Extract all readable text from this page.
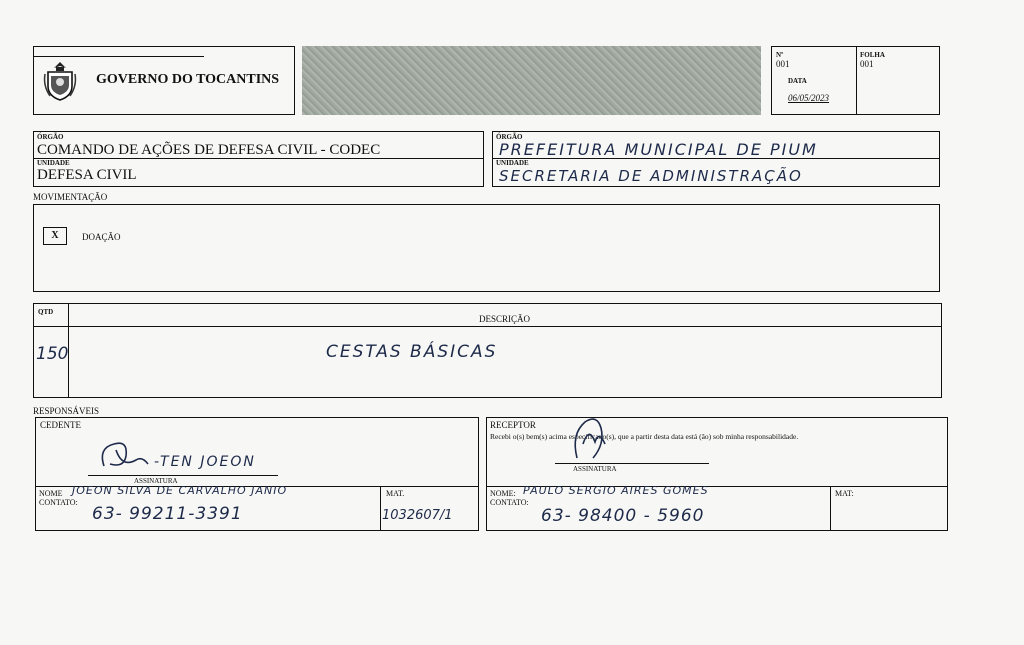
GOVERNO DO TOCANTINS
Nº
001
DATA
06/05/2023
FOLHA
001
ÓRGÃO
COMANDO DE AÇÕES DE DEFESA CIVIL - CODEC
UNIDADE
DEFESA CIVIL
ÓRGÃO
PREFEITURA MUNICIPAL DE PIUM
UNIDADE
SECRETARIA DE ADMINISTRAÇÃO
MOVIMENTAÇÃO
X	DOAÇÃO
QTD
DESCRIÇÃO
150	CESTAS BÁSICAS
RESPONSÁVEIS
CEDENTE
-TEN JOEON
ASSINATURA
NOME JOEON SILVA DE CARVALHO JANIO
CONTATO:
63- 99211-3391
MAT.
1032607/1
RECEPTOR
Recebi o(s) bem(s) acima especificado(s), que a partir desta data está (ão) sob minha responsabilidade.
ASSINATURA
NOME: PAULO SERGIO AIRES GOMES
CONTATO:
63- 98400 - 5960
MAT:
